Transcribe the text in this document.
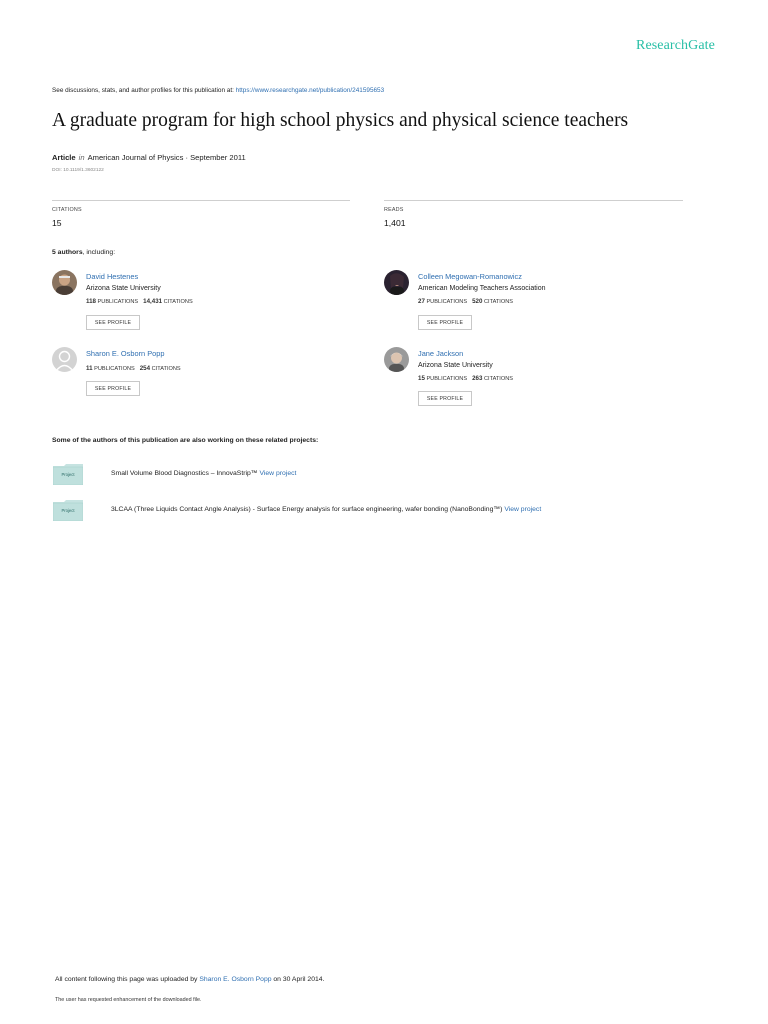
ResearchGate
See discussions, stats, and author profiles for this publication at: https://www.researchgate.net/publication/241595653
A graduate program for high school physics and physical science teachers
Article in American Journal of Physics · September 2011
DOI: 10.1119/1.3602122
CITATIONS
15
READS
1,401
5 authors, including:
David Hestenes
Arizona State University
118 PUBLICATIONS 14,431 CITATIONS
SEE PROFILE
Colleen Megowan-Romanowicz
American Modeling Teachers Association
27 PUBLICATIONS 520 CITATIONS
SEE PROFILE
Sharon E. Osborn Popp
11 PUBLICATIONS 254 CITATIONS
SEE PROFILE
Jane Jackson
Arizona State University
15 PUBLICATIONS 263 CITATIONS
SEE PROFILE
Some of the authors of this publication are also working on these related projects:
Project	Small Volume Blood Diagnostics – InnovaStrip™ View project
Project	3LCAA (Three Liquids Contact Angle Analysis) - Surface Energy analysis for surface engineering, wafer bonding (NanoBonding™) View project
All content following this page was uploaded by Sharon E. Osborn Popp on 30 April 2014.
The user has requested enhancement of the downloaded file.
